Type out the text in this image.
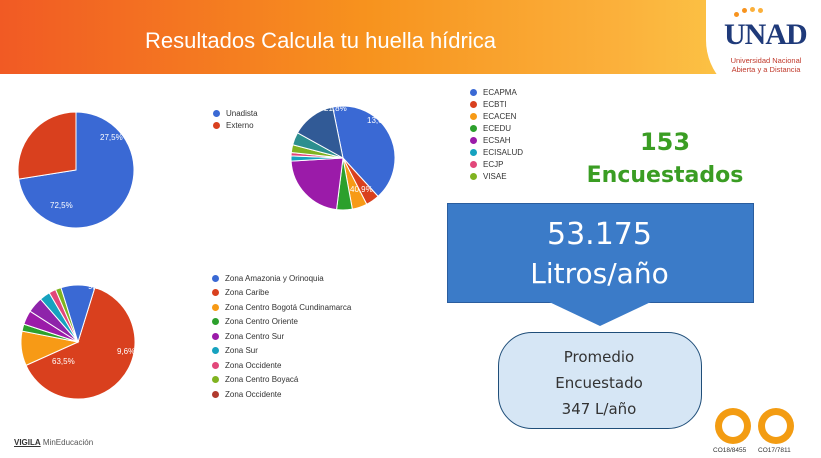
Resultados Calcula tu huella hídrica	UNAD
Universidad Nacional
Abierta y a Distancia
72,5%
27,5%
40,9%
21,8%
13,6%
63,5%
9,8%
9,6%
Unadista
Externo
ECAPMA
ECBTI
ECACEN
ECEDU
ECSAH
ECISALUD
ECJP
VISAE
Zona Amazonia y Orinoquia
Zona Caribe
Zona Centro Bogotá Cundinamarca
Zona Centro Oriente
Zona Centro Sur
Zona Sur
Zona Occidente
Zona Centro Boyacá
Zona Occidente
153
Encuestados
53.175
Litros/año
Promedio
Encuestado
347 L/año
VIGILA MinEducación
CO18/8455 CO17/7811
